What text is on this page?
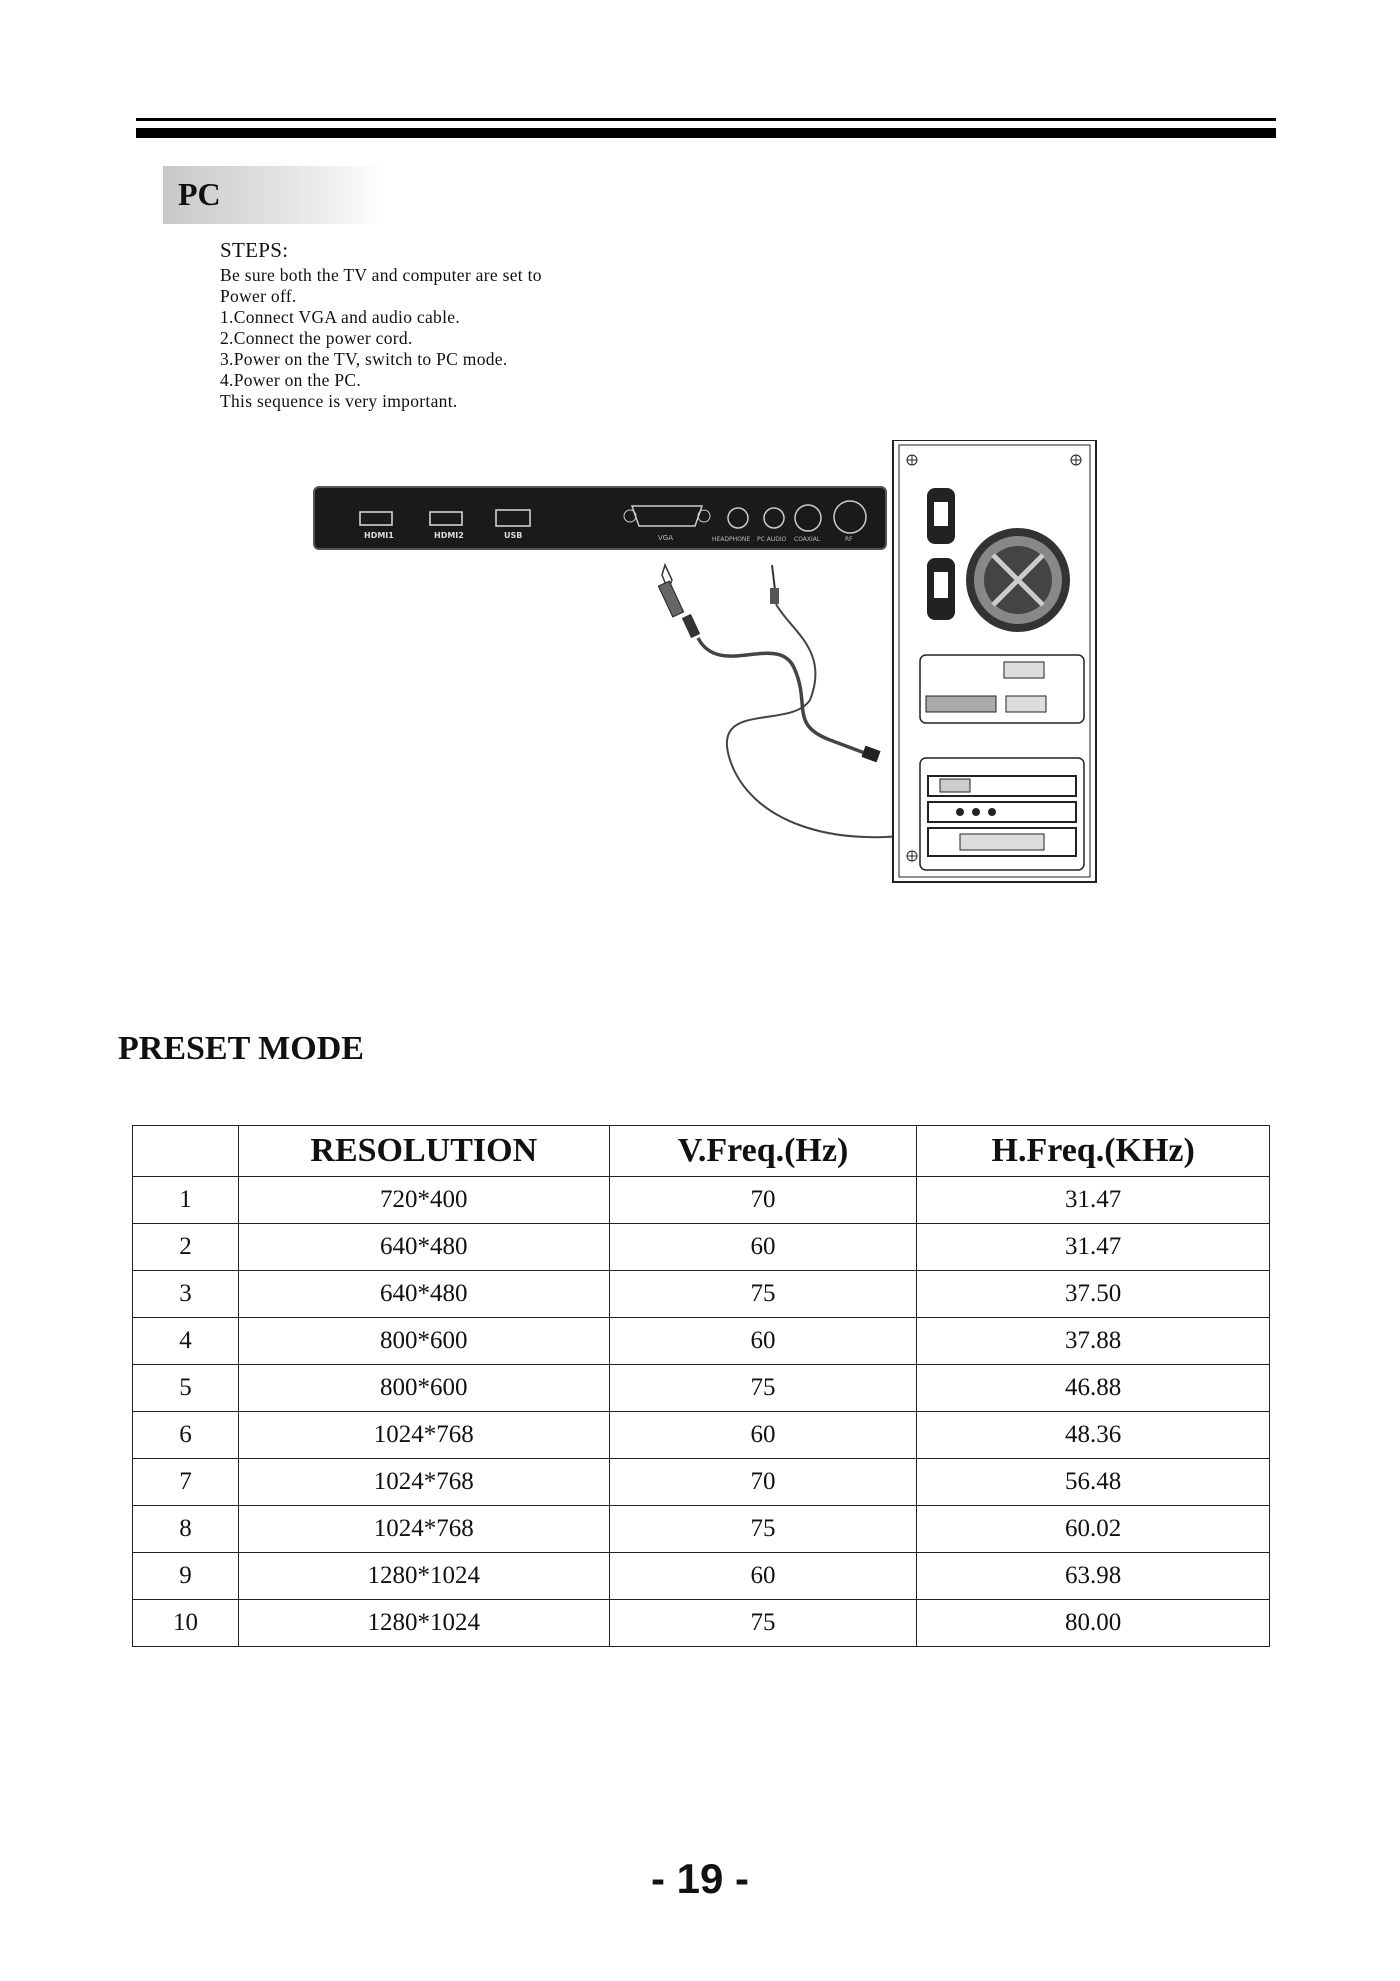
PC
STEPS:
Be sure both the TV and computer are set to
Power off.
1.Connect VGA and audio cable.
2.Connect the power cord.
3.Power on the TV, switch to PC mode.
4.Power on the PC.
This sequence is very important.
HDMI1	HDMI2	USB	VGA	HEADPHONE PC AUDIO COAXIAL	RF
PRESET MODE
	RESOLUTION	V.Freq.(Hz)	H.Freq.(KHz)
1	720*400	70	31.47
2	640*480	60	31.47
3	640*480	75	37.50
4	800*600	60	37.88
5	800*600	75	46.88
6	1024*768	60	48.36
7	1024*768	70	56.48
8	1024*768	75	60.02
9	1280*1024	60	63.98
10	1280*1024	75	80.00
- 19 -
